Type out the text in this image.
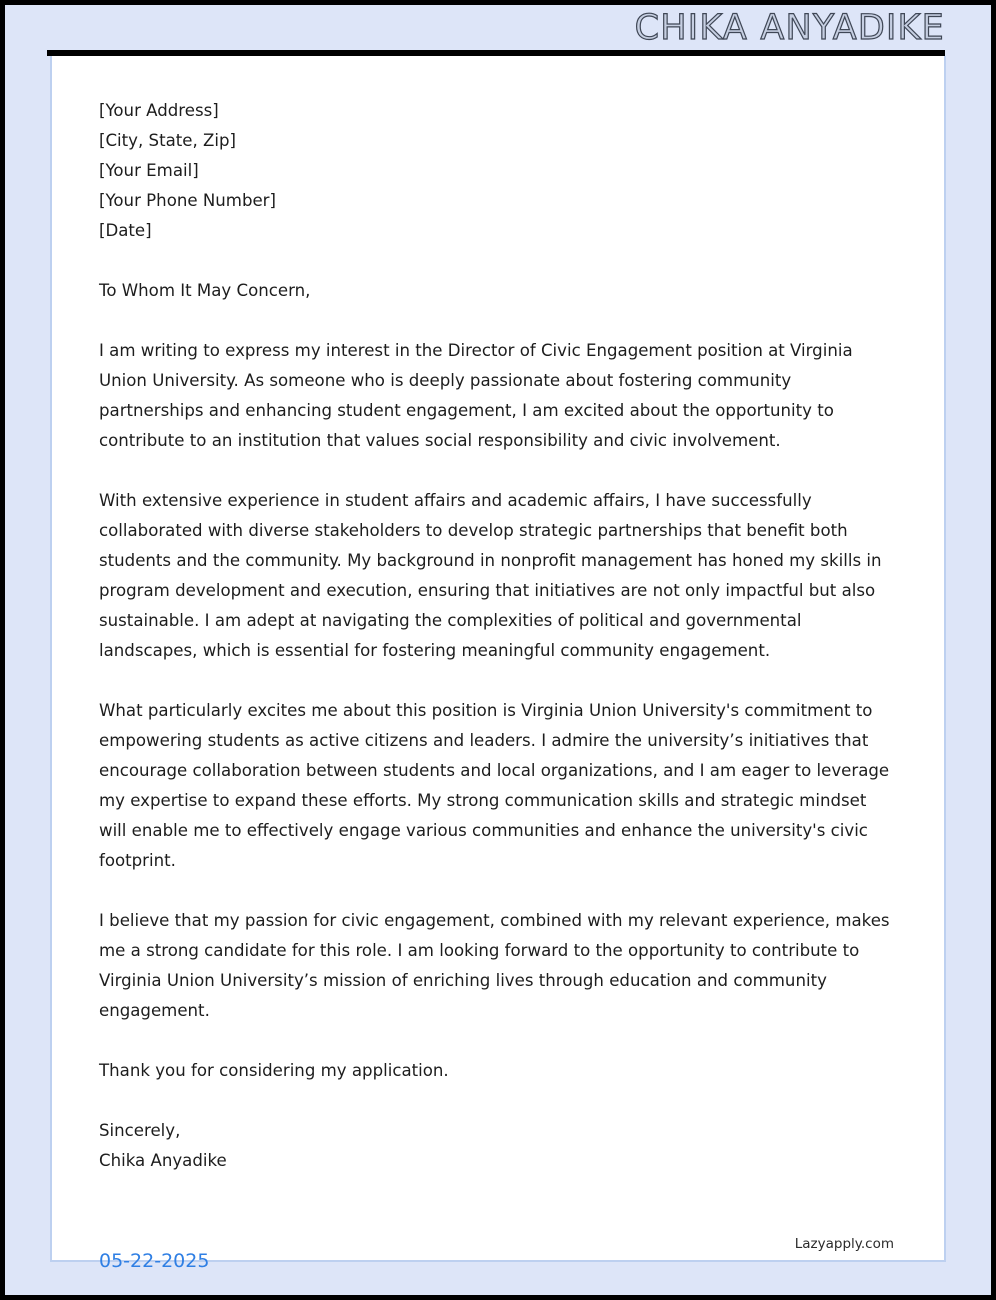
CHIKA ANYADIKE
[Your Address]
[City, State, Zip]
[Your Email]
[Your Phone Number]
[Date]
To Whom It May Concern,
I am writing to express my interest in the Director of Civic Engagement position at Virginia Union University. As someone who is deeply passionate about fostering community partnerships and enhancing student engagement, I am excited about the opportunity to contribute to an institution that values social responsibility and civic involvement.
With extensive experience in student affairs and academic affairs, I have successfully collaborated with diverse stakeholders to develop strategic partnerships that benefit both students and the community. My background in nonprofit management has honed my skills in program development and execution, ensuring that initiatives are not only impactful but also sustainable. I am adept at navigating the complexities of political and governmental landscapes, which is essential for fostering meaningful community engagement.
What particularly excites me about this position is Virginia Union University's commitment to empowering students as active citizens and leaders. I admire the university’s initiatives that encourage collaboration between students and local organizations, and I am eager to leverage my expertise to expand these efforts. My strong communication skills and strategic mindset will enable me to effectively engage various communities and enhance the university's civic footprint.
I believe that my passion for civic engagement, combined with my relevant experience, makes me a strong candidate for this role. I am looking forward to the opportunity to contribute to Virginia Union University’s mission of enriching lives through education and community engagement.
Thank you for considering my application.
Sincerely,
Chika Anyadike
Lazyapply.com
05-22-2025
